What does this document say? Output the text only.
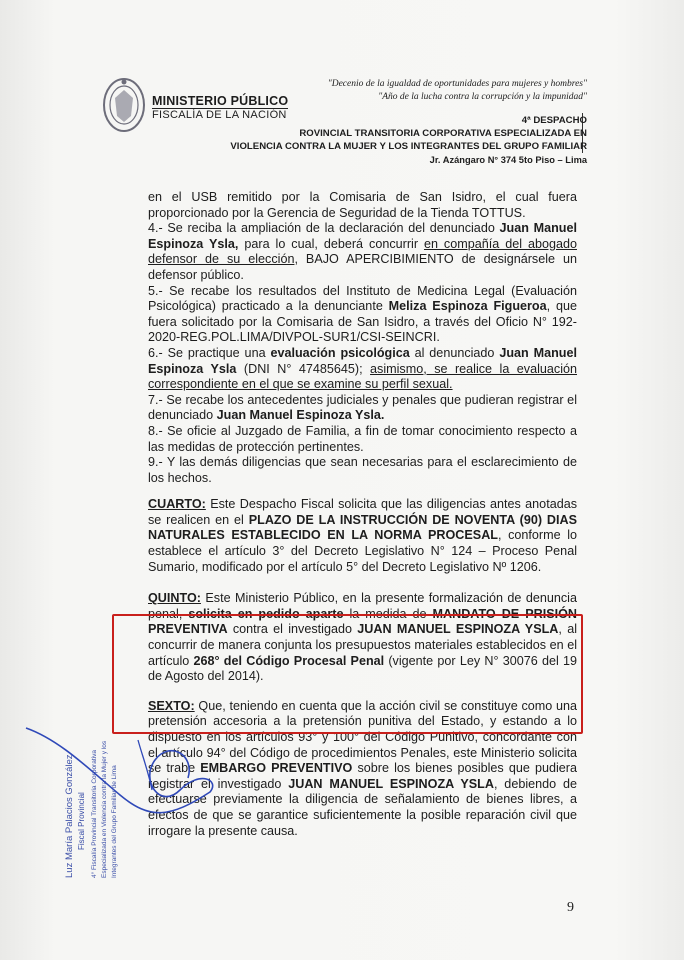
MINISTERIO PÚBLICO
FISCALÍA DE LA NACIÓN
"Decenio de la igualdad de oportunidades para mujeres y hombres"
"Año de la lucha contra la corrupción y la impunidad"
4ª DESPACHO
ROVINCIAL TRANSITORIA CORPORATIVA ESPECIALIZADA EN
VIOLENCIA CONTRA LA MUJER Y LOS INTEGRANTES DEL GRUPO FAMILIAR
Jr. Azángaro N° 374 5to Piso – Lima

en el USB remitido por la Comisaria de San Isidro, el cual fuera proporcionado por la Gerencia de Seguridad de la Tienda TOTTUS.

4.- Se reciba la ampliación de la declaración del denunciado Juan Manuel Espinoza Ysla, para lo cual, deberá concurrir en compañía del abogado defensor de su elección, BAJO APERCIBIMIENTO de designársele un defensor público.

5.- Se recabe los resultados del Instituto de Medicina Legal (Evaluación Psicológica) practicado a la denunciante Meliza Espinoza Figueroa, que fuera solicitado por la Comisaria de San Isidro, a través del Oficio N° 192-2020-REG.POL.LIMA/DIVPOL-SUR1/CSI-SEINCRI.

6.- Se practique una evaluación psicológica al denunciado Juan Manuel Espinoza Ysla (DNI N° 47485645); asimismo, se realice la evaluación correspondiente en el que se examine su perfil sexual.

7.- Se recabe los antecedentes judiciales y penales que pudieran registrar el denunciado Juan Manuel Espinoza Ysla.

8.- Se oficie al Juzgado de Familia, a fin de tomar conocimiento respecto a las medidas de protección pertinentes.

9.- Y las demás diligencias que sean necesarias para el esclarecimiento de los hechos.

CUARTO: Este Despacho Fiscal solicita que las diligencias antes anotadas se realicen en el PLAZO DE LA INSTRUCCIÓN DE NOVENTA (90) DIAS NATURALES ESTABLECIDO EN LA NORMA PROCESAL, conforme lo establece el artículo 3° del Decreto Legislativo N° 124 – Proceso Penal Sumario, modificado por el artículo 5° del Decreto Legislativo Nº 1206.

QUINTO: Este Ministerio Público, en la presente formalización de denuncia penal, solicita en pedido aparte la medida de MANDATO DE PRISIÓN PREVENTIVA contra el investigado JUAN MANUEL ESPINOZA YSLA, al concurrir de manera conjunta los presupuestos materiales establecidos en el artículo 268° del Código Procesal Penal (vigente por Ley N° 30076 del 19 de Agosto del 2014).

SEXTO: Que, teniendo en cuenta que la acción civil se constituye como una pretensión accesoria a la pretensión punitiva del Estado, y estando a lo dispuesto en los artículos 93° y 100° del Código Punitivo, concordante con el artículo 94° del Código de procedimientos Penales, este Ministerio solicita se trabe EMBARGO PREVENTIVO sobre los bienes posibles que pudiera registrar el investigado JUAN MANUEL ESPINOZA YSLA, debiendo de efectuarse previamente la diligencia de señalamiento de bienes libres, a efectos de que se garantice suficientemente la posible reparación civil que irrogare la presente causa.

Luz María Palacios González Fiscal Provincial 4° Fiscalía Provincial Transitoria Corporativa Especializada en Violencia contra la Mujer y los Integrantes del Grupo Familiar de Lima
9
